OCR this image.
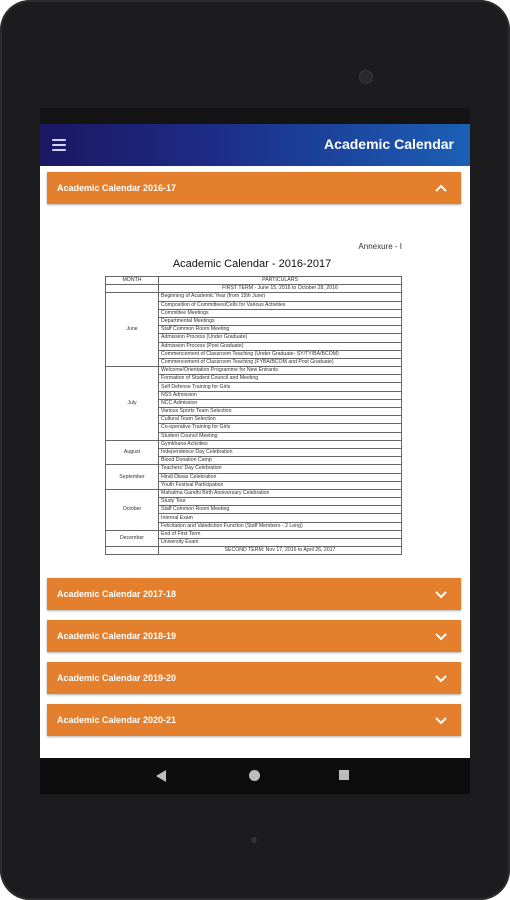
Academic Calendar
Academic Calendar 2016-17
Annexure - I
Academic Calendar - 2016-2017
MONTH	PARTICULARS
	FIRST TERM - June 15, 2016 to October 28, 2016
June	Beginning of Academic Year (from 15th June)
	Composition of Committees/Cells for Various Activities
	Committee Meetings
	Departmental Meetings
	Staff Common Room Meeting
	Admission Process (Under Graduate)
	Admission Process (Post Graduate)
	Commencement of Classroom Teaching (Under Graduate- SY/TY/BA/BCOM)
	Commencement of Classroom Teaching (FYBA/BCOM and Post Graduate)
July	Welcome/Orientation Programme for New Entrants
	Formation of Student Council and Meeting
	Self Defense Training for Girls
	NSS Admission
	NCC Admission
	Various Sports Team Selection
	Cultural Team Selection
	Co-operative Training for Girls
	Student Council Meeting
August	Gymkhana Activities
	Independence Day Celebration
	Blood Donation Camp
September	Teachers' Day Celebration
	Hindi Diwas Celebration
	Youth Festival Participation
October	Mahatma Gandhi Birth Anniversary Celebration
	Study Tour
	Staff Common Room Meeting
	Internal Exam
	Felicitation and Valediction Function (Staff Members - 2 Long)
December	End of First Term
	University Exam
	SECOND TERM: Nov 17, 2016 to April 26, 2017
Academic Calendar 2017-18
Academic Calendar 2018-19
Academic Calendar 2019-20
Academic Calendar 2020-21
